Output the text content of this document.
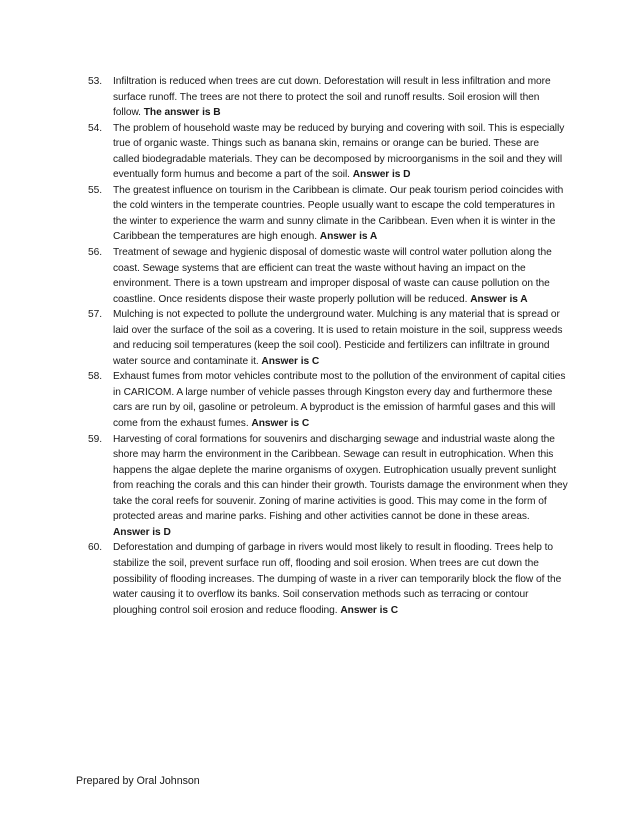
53. Infiltration is reduced when trees are cut down. Deforestation will result in less infiltration and more surface runoff. The trees are not there to protect the soil and runoff results. Soil erosion will then follow. The answer is B
54. The problem of household waste may be reduced by burying and covering with soil. This is especially true of organic waste. Things such as banana skin, remains or orange can be buried. These are called biodegradable materials. They can be decomposed by microorganisms in the soil and they will eventually form humus and become a part of the soil. Answer is D
55. The greatest influence on tourism in the Caribbean is climate. Our peak tourism period coincides with the cold winters in the temperate countries. People usually want to escape the cold temperatures in the winter to experience the warm and sunny climate in the Caribbean. Even when it is winter in the Caribbean the temperatures are high enough. Answer is A
56. Treatment of sewage and hygienic disposal of domestic waste will control water pollution along the coast. Sewage systems that are efficient can treat the waste without having an impact on the environment. There is a town upstream and improper disposal of waste can cause pollution on the coastline. Once residents dispose their waste properly pollution will be reduced. Answer is A
57. Mulching is not expected to pollute the underground water. Mulching is any material that is spread or laid over the surface of the soil as a covering. It is used to retain moisture in the soil, suppress weeds and reducing soil temperatures (keep the soil cool). Pesticide and fertilizers can infiltrate in ground water source and contaminate it. Answer is C
58. Exhaust fumes from motor vehicles contribute most to the pollution of the environment of capital cities in CARICOM. A large number of vehicle passes through Kingston every day and furthermore these cars are run by oil, gasoline or petroleum. A byproduct is the emission of harmful gases and this will come from the exhaust fumes. Answer is C
59. Harvesting of coral formations for souvenirs and discharging sewage and industrial waste along the shore may harm the environment in the Caribbean. Sewage can result in eutrophication. When this happens the algae deplete the marine organisms of oxygen. Eutrophication usually prevent sunlight from reaching the corals and this can hinder their growth. Tourists damage the environment when they take the coral reefs for souvenir. Zoning of marine activities is good. This may come in the form of protected areas and marine parks. Fishing and other activities cannot be done in these areas. Answer is D
60. Deforestation and dumping of garbage in rivers would most likely to result in flooding. Trees help to stabilize the soil, prevent surface run off, flooding and soil erosion. When trees are cut down the possibility of flooding increases. The dumping of waste in a river can temporarily block the flow of the water causing it to overflow its banks. Soil conservation methods such as terracing or contour ploughing control soil erosion and reduce flooding. Answer is C
Prepared by Oral Johnson
